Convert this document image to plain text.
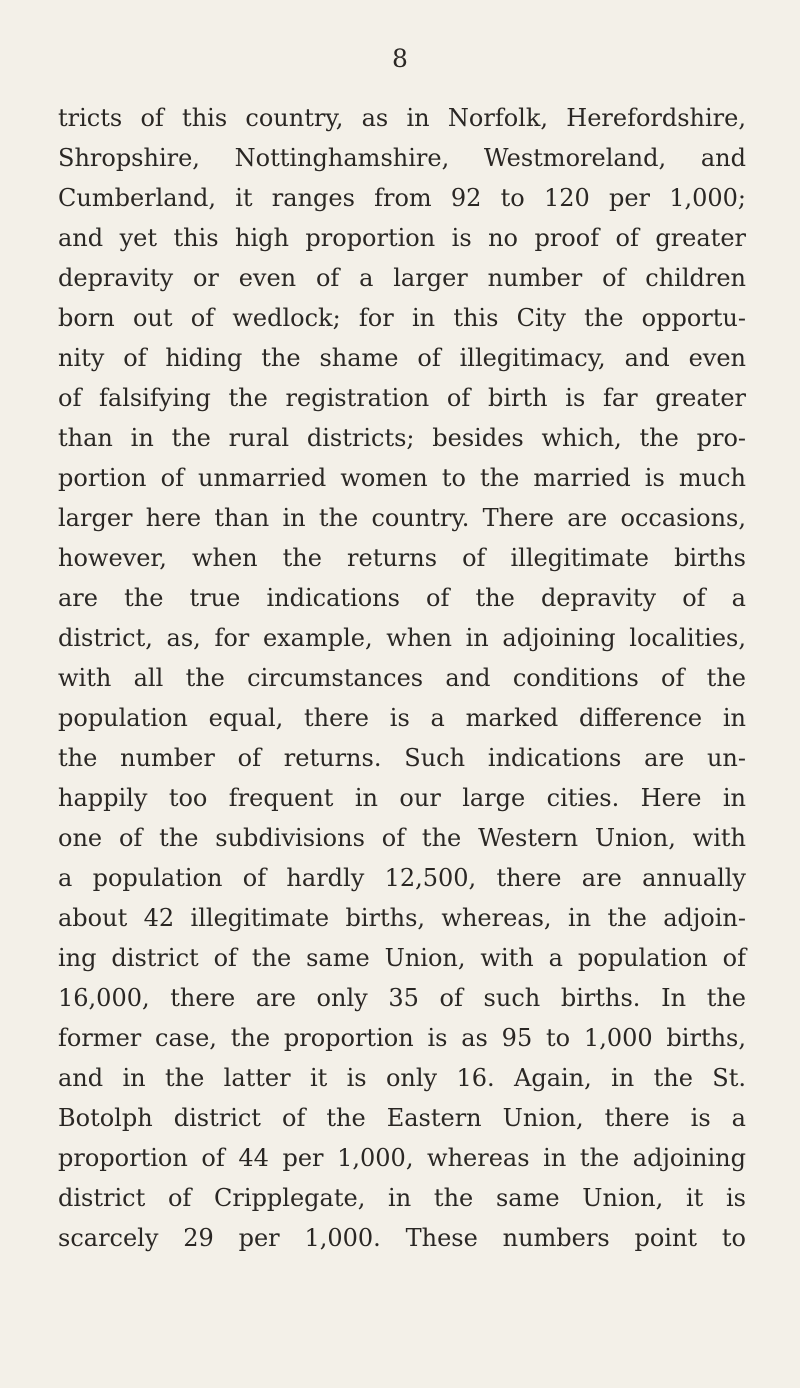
8
tricts of this country, as in Norfolk, Herefordshire,
Shropshire, Nottinghamshire, Westmoreland, and
Cumberland, it ranges from 92 to 120 per 1,000;
and yet this high proportion is no proof of greater
depravity or even of a larger number of children
born out of wedlock; for in this City the opportu-
nity of hiding the shame of illegitimacy, and even
of falsifying the registration of birth is far greater
than in the rural districts; besides which, the pro-
portion of unmarried women to the married is much
larger here than in the country. There are occasions,
however, when the returns of illegitimate births
are the true indications of the depravity of a
district, as, for example, when in adjoining localities,
with all the circumstances and conditions of the
population equal, there is a marked difference in
the number of returns. Such indications are un-
happily too frequent in our large cities. Here in
one of the subdivisions of the Western Union, with
a population of hardly 12,500, there are annually
about 42 illegitimate births, whereas, in the adjoin-
ing district of the same Union, with a population of
16,000, there are only 35 of such births. In the
former case, the proportion is as 95 to 1,000 births,
and in the latter it is only 16. Again, in the St.
Botolph district of the Eastern Union, there is a
proportion of 44 per 1,000, whereas in the adjoining
district of Cripplegate, in the same Union, it is
scarcely 29 per 1,000. These numbers point to
